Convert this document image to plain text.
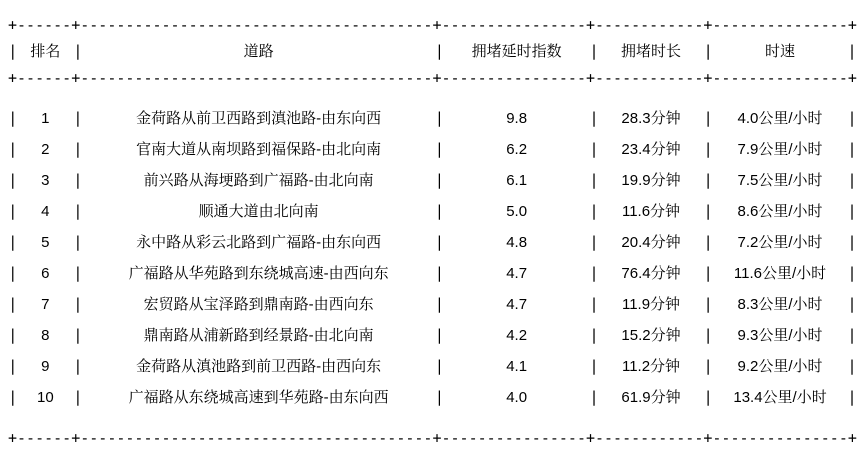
+------+---------------------------------------+----------------+------------+---------------+										
|	排名	|	道路	|	拥堵延时指数	|	拥堵时长	|	时速	|
+------+---------------------------------------+----------------+------------+---------------+										

|	1	|	金荷路从前卫西路到滇池路-由东向西	|	9.8	|	28.3分钟	|	4.0公里/小时	|
|	2	|	官南大道从南坝路到福保路-由北向南	|	6.2	|	23.4分钟	|	7.9公里/小时	|
|	3	|	前兴路从海埂路到广福路-由北向南	|	6.1	|	19.9分钟	|	7.5公里/小时	|
|	4	|	顺通大道由北向南	|	5.0	|	11.6分钟	|	8.6公里/小时	|
|	5	|	永中路从彩云北路到广福路-由东向西	|	4.8	|	20.4分钟	|	7.2公里/小时	|
|	6	|	广福路从华苑路到东绕城高速-由西向东	|	4.7	|	76.4分钟	|	11.6公里/小时	|
|	7	|	宏贸路从宝泽路到鼎南路-由西向东	|	4.7	|	11.9分钟	|	8.3公里/小时	|
|	8	|	鼎南路从浦新路到经景路-由北向南	|	4.2	|	15.2分钟	|	9.3公里/小时	|
|	9	|	金荷路从滇池路到前卫西路-由西向东	|	4.1	|	11.2分钟	|	9.2公里/小时	|
|	10	|	广福路从东绕城高速到华苑路-由东向西	|	4.0	|	61.9分钟	|	13.4公里/小时	|

+------+---------------------------------------+----------------+------------+---------------+										
